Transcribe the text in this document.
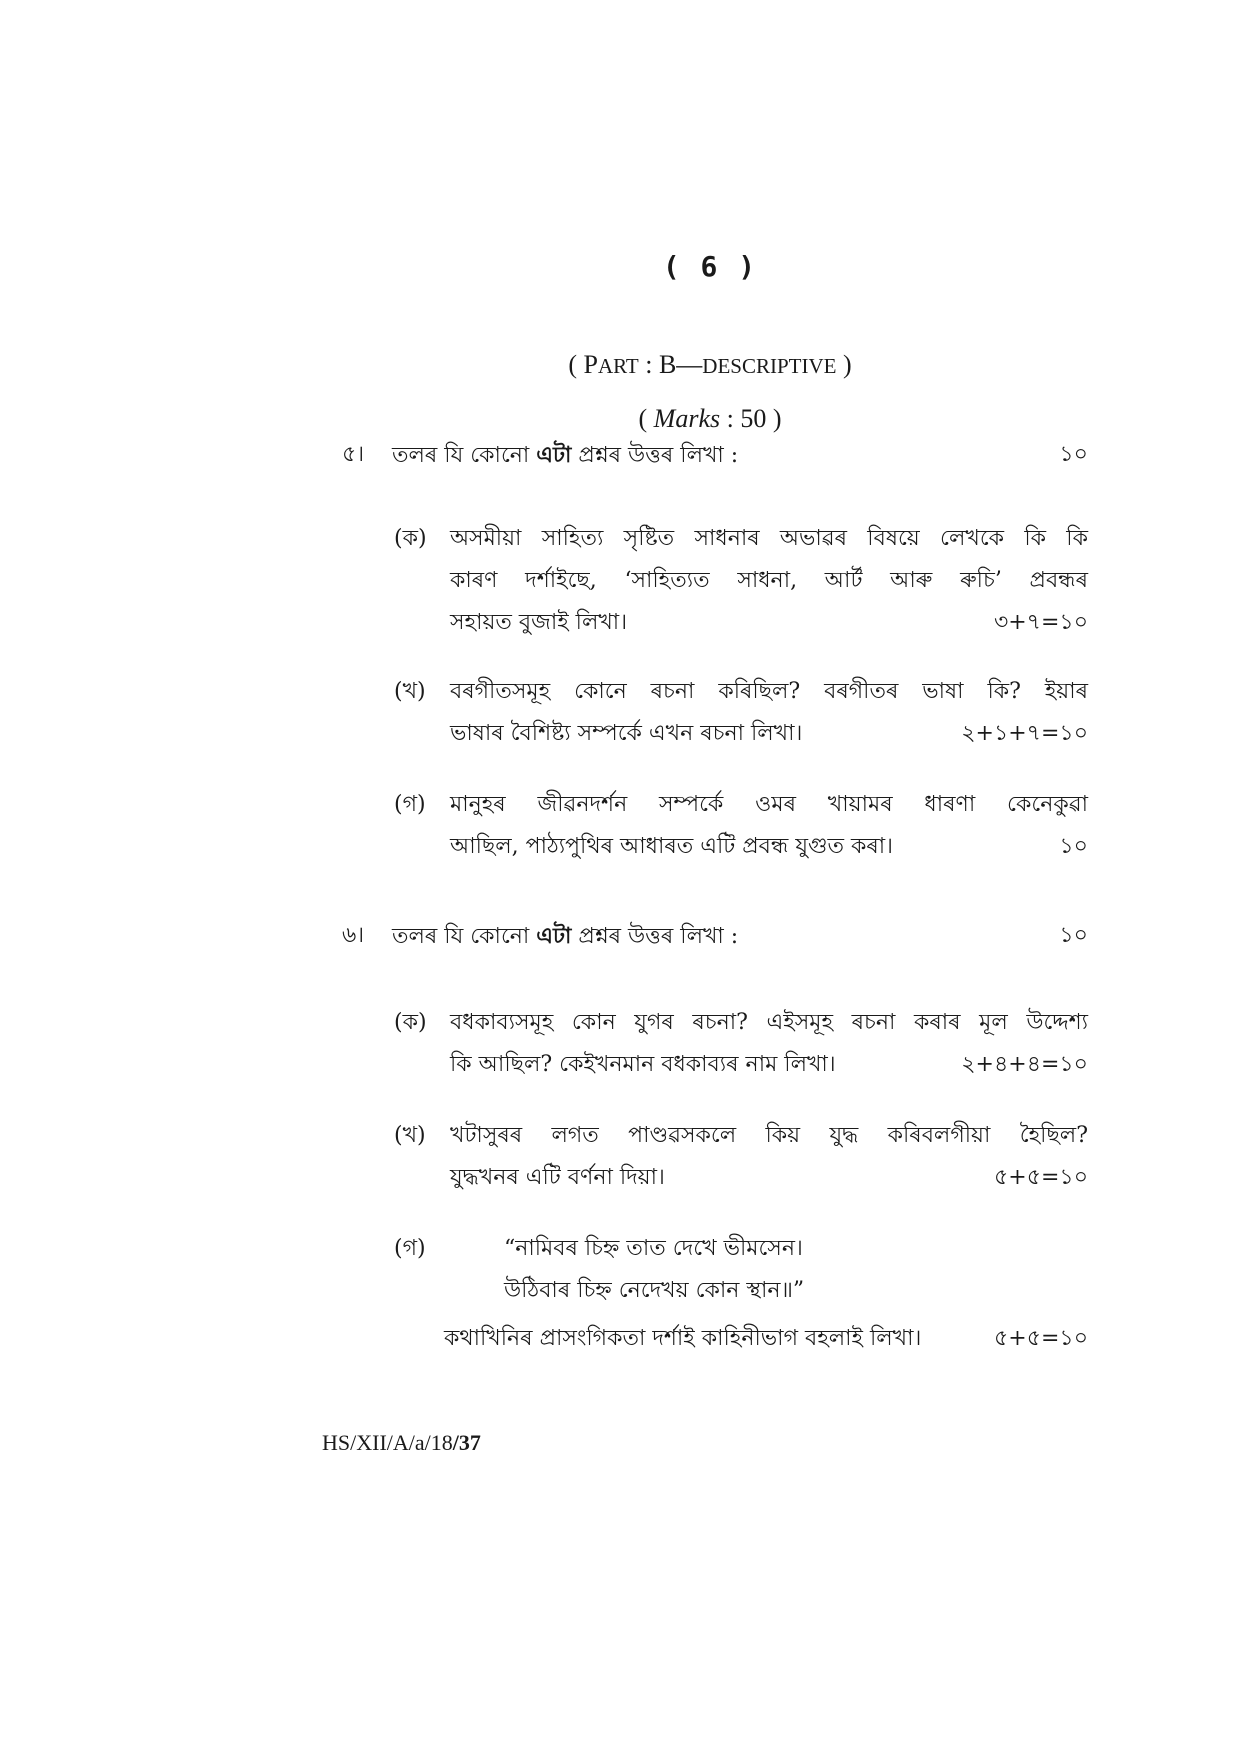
( 6 )
( PART : B—DESCRIPTIVE )
( Marks : 50 )
৫। তলৰ যি কোনো এটা প্ৰশ্নৰ উত্তৰ লিখা :	১০
(ক) অসমীয়া সাহিত্য সৃষ্টিত সাধনাৰ অভাৱৰ বিষয়ে লেখকে কি কি
কাৰণ দৰ্শাইছে, ‘সাহিত্যত সাধনা, আৰ্ট আৰু ৰুচি’ প্ৰবন্ধৰ
সহায়ত বুজাই লিখা।	৩+৭=১০
(খ) বৰগীতসমূহ কোনে ৰচনা কৰিছিল? বৰগীতৰ ভাষা কি? ইয়াৰ
ভাষাৰ বৈশিষ্ট্য সম্পৰ্কে এখন ৰচনা লিখা।	২+১+৭=১০
(গ) মানুহৰ জীৱনদৰ্শন সম্পৰ্কে ওমৰ খায়ামৰ ধাৰণা কেনেকুৱা
আছিল, পাঠ্যপুথিৰ আধাৰত এটি প্ৰবন্ধ যুগুত কৰা।	১০
৬। তলৰ যি কোনো এটা প্ৰশ্নৰ উত্তৰ লিখা :	১০
(ক) বধকাব্যসমূহ কোন যুগৰ ৰচনা? এইসমূহ ৰচনা কৰাৰ মূল উদ্দেশ্য
কি আছিল? কেইখনমান বধকাব্যৰ নাম লিখা।	২+৪+৪=১০
(খ) খটাসুৰৰ লগত পাণ্ডৱসকলে কিয় যুদ্ধ কৰিবলগীয়া হৈছিল?
যুদ্ধখনৰ এটি বৰ্ণনা দিয়া।	৫+৫=১০
(গ)	“নামিবৰ চিহ্ন তাত দেখে ভীমসেন।
উঠিবাৰ চিহ্ন নেদেখয় কোন স্থান॥”
কথাখিনিৰ প্ৰাসংগিকতা দৰ্শাই কাহিনীভাগ বহলাই লিখা।	৫+৫=১০
HS/XII/A/a/18/37
